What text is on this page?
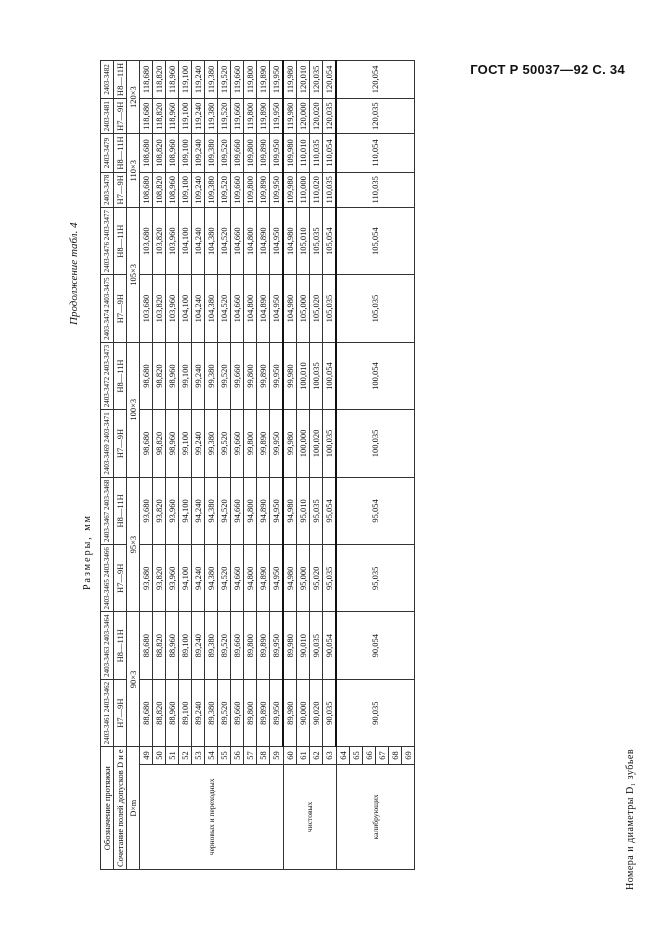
ГОСТ Р 50037—92 С. 34
Продолжение табл. 4
Размеры, мм
Обозначение протяжки		2403-3461 2403-3462	2403-3463 2403-3464	2403-3465 2403-3466	2403-3467 2403-3468	2403-3469 2403-3471	2403-3472 2403-3473	2403-3474 2403-3475	2403-3476 2403-3477	2403-3478	2403-3479	2403-3481	2403-3482
Сочетание полей допусков D и e		H7—9H	H8—11H	H7—9H	H8—11H	H7—9H	H8—11H	H7—9H	H8—11H	H7—9H	H8—11H	H7—9H	H8—11H
D×m		90×3		95×3		100×3		105×3		110×3		120×3	
черновых и переходных	49	88,680	88,680	93,680	93,680	98,680	98,680	103,680	103,680	108,680	108,680	118,680	118,680
	50	88,820	88,820	93,820	93,820	98,820	98,820	103,820	103,820	108,820	108,820	118,820	118,820
	51	88,960	88,960	93,960	93,960	98,960	98,960	103,960	103,960	108,960	108,960	118,960	118,960
	52	89,100	89,100	94,100	94,100	99,100	99,100	104,100	104,100	109,100	109,100	119,100	119,100
	53	89,240	89,240	94,240	94,240	99,240	99,240	104,240	104,240	109,240	109,240	119,240	119,240
	54	89,380	89,380	94,380	94,380	99,380	99,380	104,380	104,380	109,380	109,380	119,380	119,380
	55	89,520	89,520	94,520	94,520	99,520	99,520	104,520	104,520	109,520	109,520	119,520	119,520
	56	89,660	89,660	94,660	94,660	99,660	99,660	104,660	104,660	109,660	109,660	119,660	119,660
	57	89,800	89,800	94,800	94,800	99,800	99,800	104,800	104,800	109,800	109,800	119,800	119,800
	58	89,890	89,890	94,890	94,890	99,890	99,890	104,890	104,890	109,890	109,890	119,890	119,890
	59	89,950	89,950	94,950	94,950	99,950	99,950	104,950	104,950	109,950	109,950	119,950	119,950
чистовых	60	89,980	89,980	94,980	94,980	99,980	99,980	104,980	104,980	109,980	109,980	119,980	119,980
	61	90,000	90,010	95,000	95,010	100,000	100,010	105,000	105,010	110,000	110,010	120,000	120,010
	62	90,020	90,035	95,020	95,035	100,020	100,035	105,020	105,035	110,020	110,035	120,020	120,035
	63	90,035	90,054	95,035	95,054	100,035	100,054	105,035	105,054	110,035	110,054	120,035	120,054
калибрующих	64	90,035	90,054	95,035	95,054	100,035	100,054	105,035	105,054	110,035	110,054	120,035	120,054
	65												
	66												
	67												
	68												
	69													Номера и диаметры D₁ зубьев
